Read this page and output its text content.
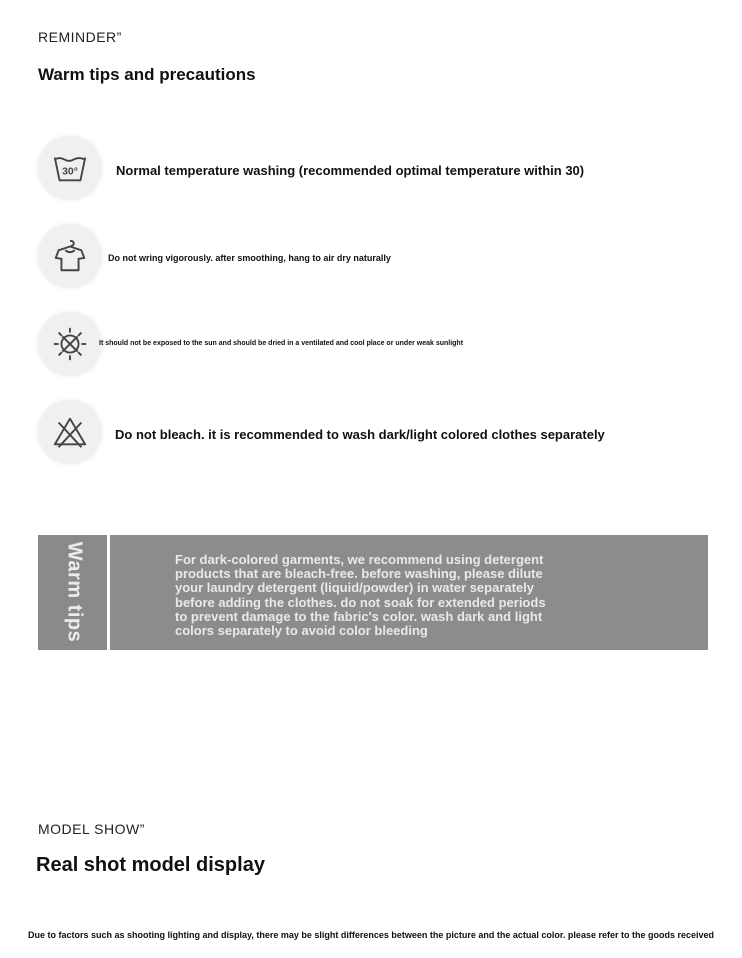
REMINDER”
Warm tips and precautions
30°	Normal temperature washing (recommended optimal temperature within 30)
Do not wring vigorously. after smoothing, hang to air dry naturally
It should not be exposed to the sun and should be dried in a ventilated and cool place or under weak sunlight
Do not bleach. it is recommended to wash dark/light colored clothes separately
Warm tips	For dark-colored garments, we recommend using detergent
products that are bleach-free. before washing, please dilute
your laundry detergent (liquid/powder) in water separately
before adding the clothes. do not soak for extended periods
to prevent damage to the fabric's color. wash dark and light
colors separately to avoid color bleeding
MODEL SHOW”
Real shot model display
Due to factors such as shooting lighting and display, there may be slight differences between the picture and the actual color. please refer to the goods received
